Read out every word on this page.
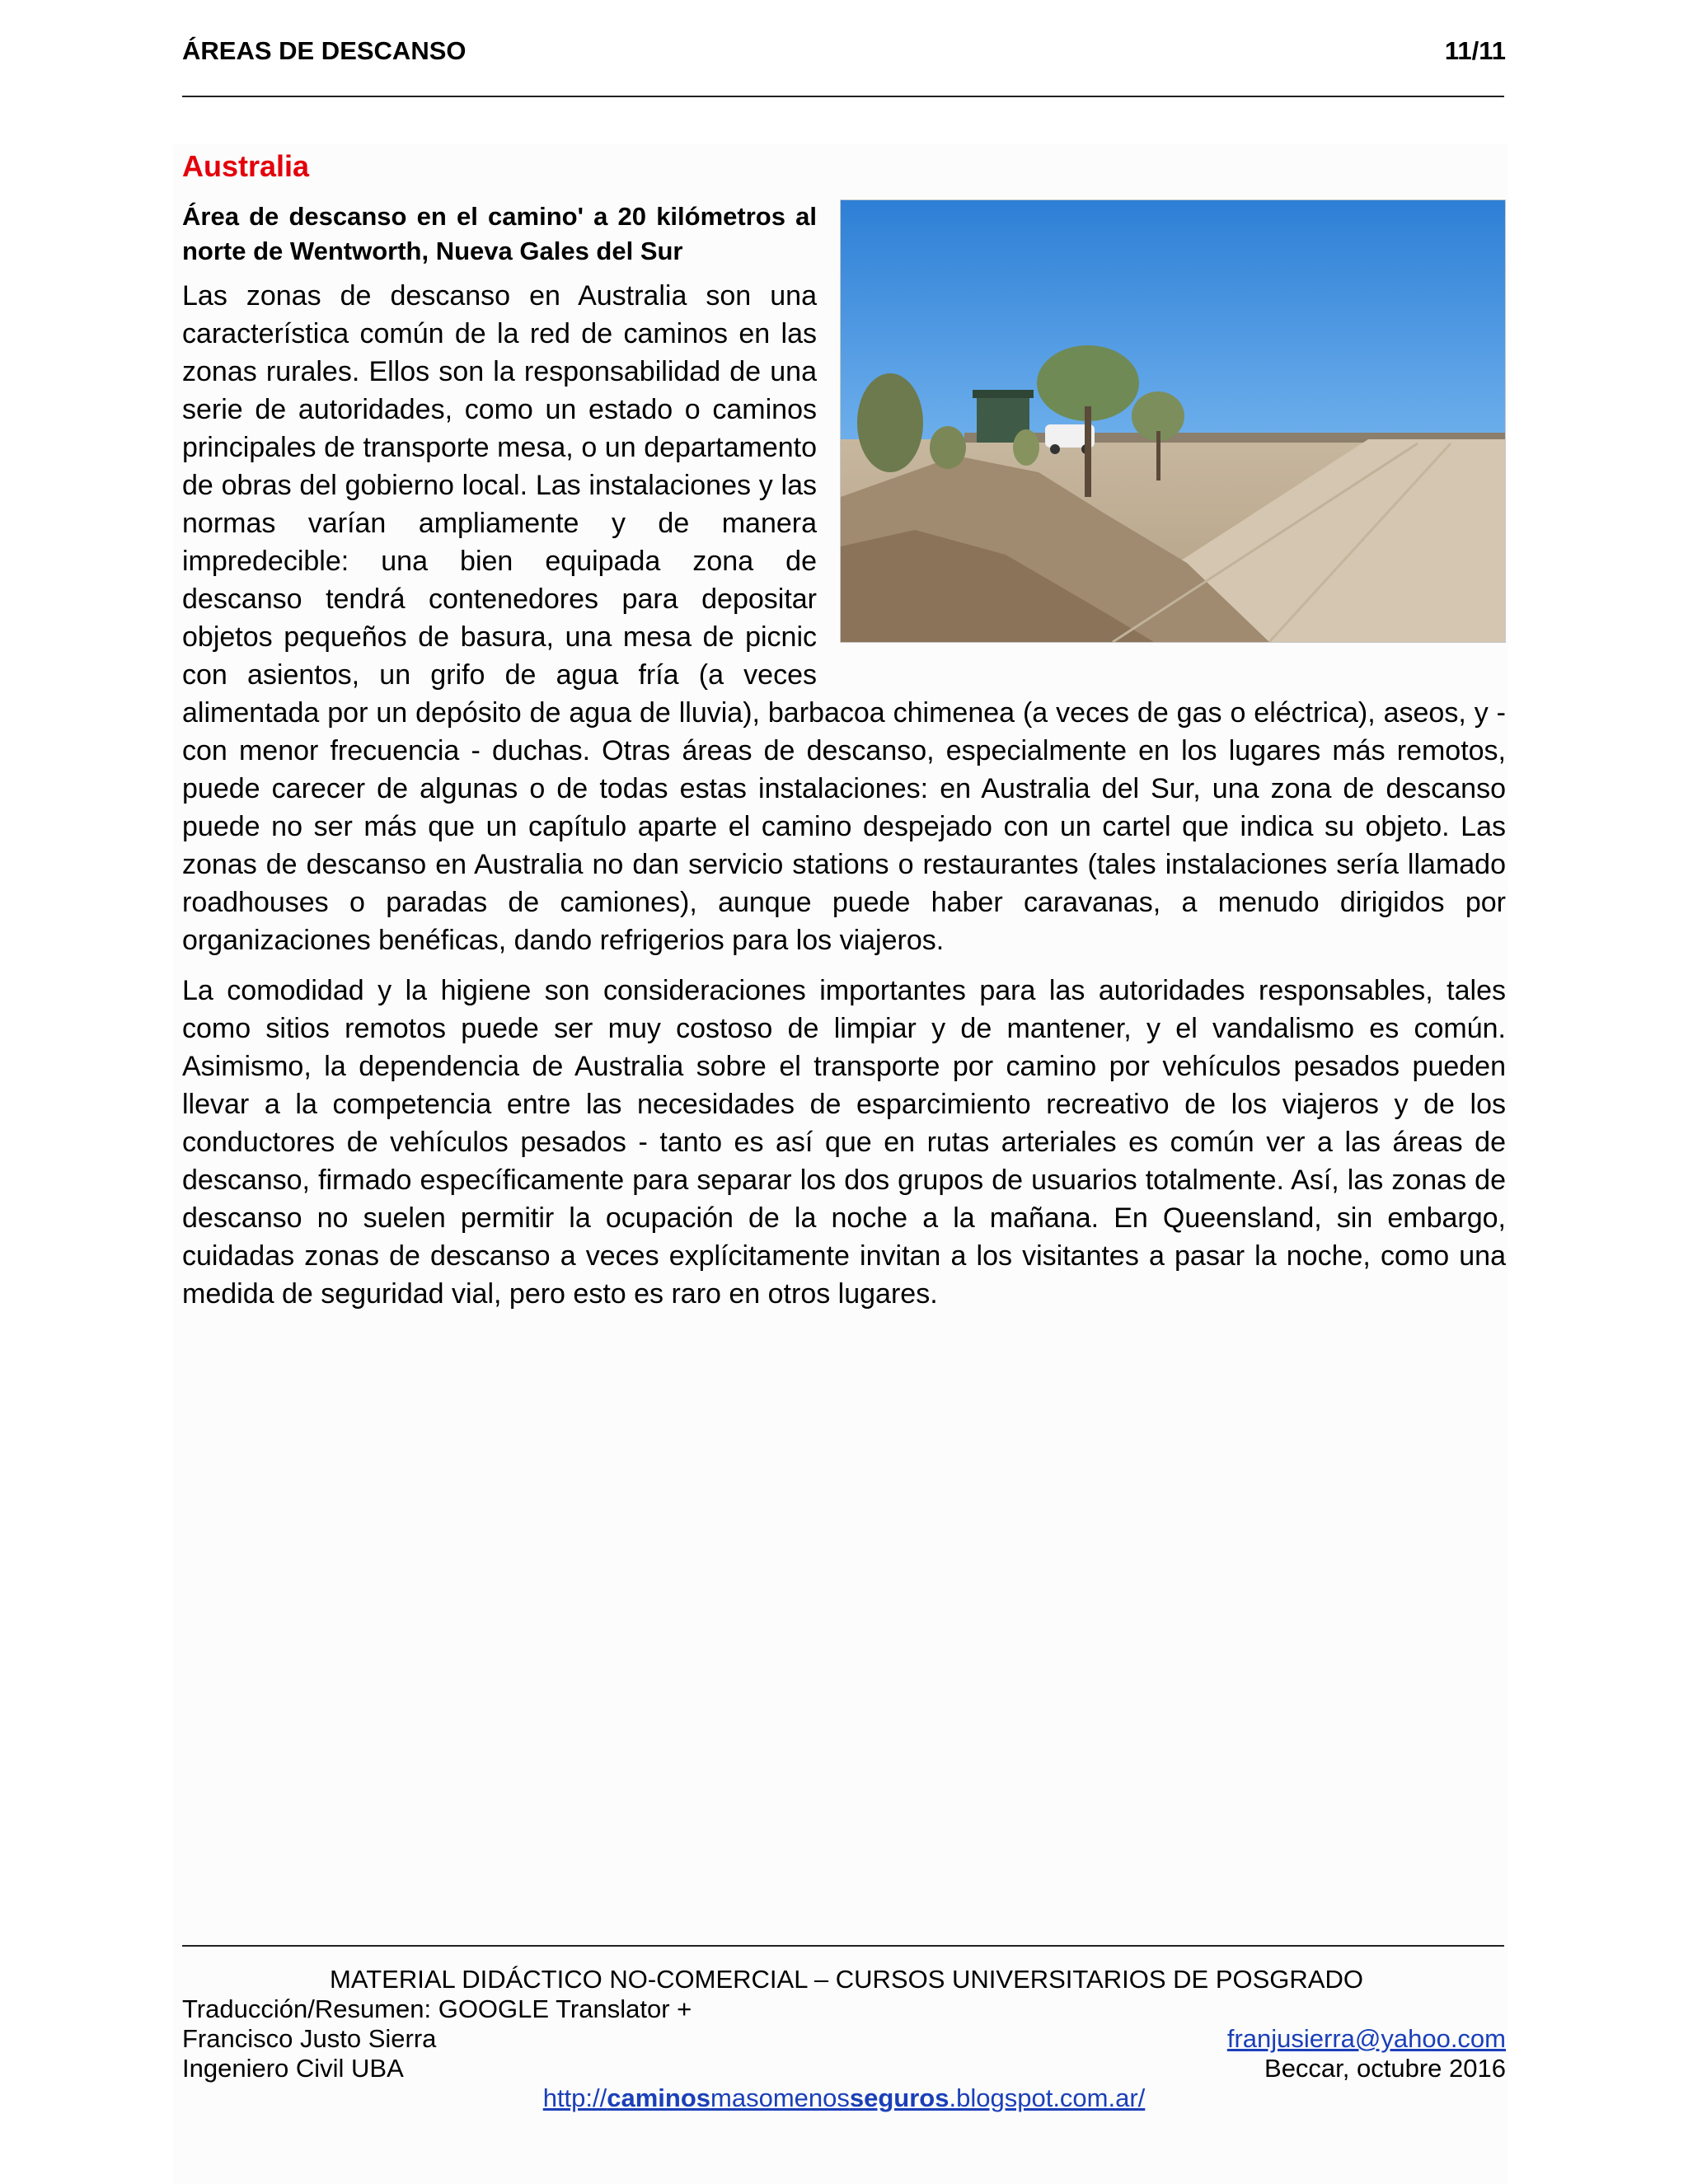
ÁREAS DE DESCANSO	11/11
Australia
Área de descanso en el camino' a 20 kilómetros al norte de Wentworth, Nueva Gales del Sur

Las zonas de descanso en Australia son una característica común de la red de caminos en las zonas rurales. Ellos son la responsabilidad de una serie de autoridades, como un estado o caminos principales de transporte mesa, o un departamento de obras del gobierno local. Las instalaciones y las normas varían ampliamente y de manera impredecible: una bien equipada zona de descanso tendrá contenedores para depositar objetos pequeños de basura, una mesa de picnic con asientos, un grifo de agua fría (a veces alimentada por un depósito de agua de lluvia), barbacoa chimenea (a veces de gas o eléctrica), aseos, y - con menor frecuencia - duchas. Otras áreas de descanso, especialmente en los lugares más remotos, puede carecer de algunas o de todas estas instalaciones: en Australia del Sur, una zona de descanso puede no ser más que un capítulo aparte el camino despejado con un cartel que indica su objeto. Las zonas de descanso en Australia no dan servicio stations o restaurantes (tales instalaciones sería llamado roadhouses o paradas de camiones), aunque puede haber caravanas, a menudo dirigidos por organizaciones benéficas, dando refrigerios para los viajeros.

La comodidad y la higiene son consideraciones importantes para las autoridades responsables, tales como sitios remotos puede ser muy costoso de limpiar y de mantener, y el vandalismo es común. Asimismo, la dependencia de Australia sobre el transporte por camino por vehículos pesados pueden llevar a la competencia entre las necesidades de esparcimiento recreativo de los viajeros y de los conductores de vehículos pesados - tanto es así que en rutas arteriales es común ver a las áreas de descanso, firmado específicamente para separar los dos grupos de usuarios totalmente. Así, las zonas de descanso no suelen permitir la ocupación de la noche a la mañana. En Queensland, sin embargo, cuidadas zonas de descanso a veces explícitamente invitan a los visitantes a pasar la noche, como una medida de seguridad vial, pero esto es raro en otros lugares.

MATERIAL DIDÁCTICO NO-COMERCIAL – CURSOS UNIVERSITARIOS DE POSGRADO
Traducción/Resumen: GOOGLE Translator +
Francisco Justo Sierra	franjusierra@yahoo.com
Ingeniero Civil UBA	Beccar, octubre 2016
http://caminosmasomenosseguros.blogspot.com.ar/
